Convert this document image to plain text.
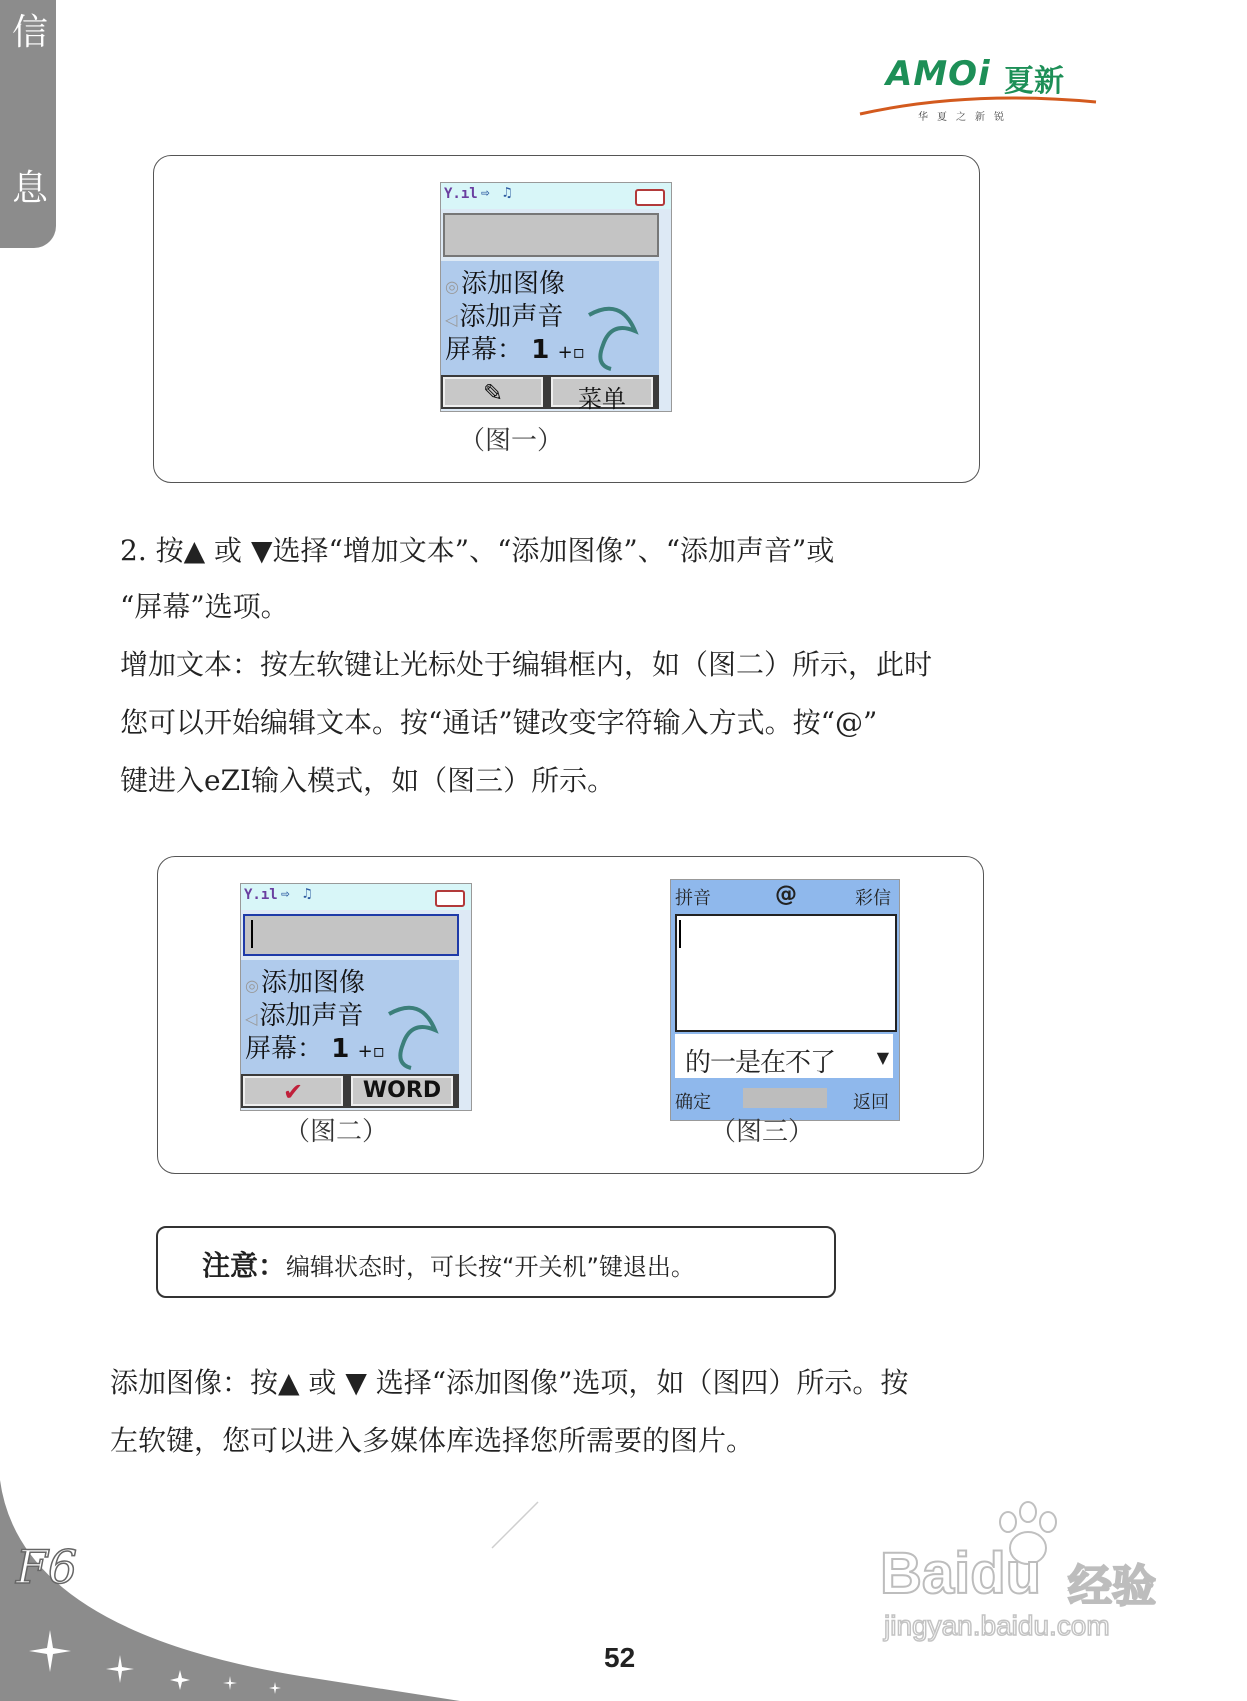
信
息
AMOi 夏新
华夏之新锐
Y.ıl ⇨ ♫
◎添加图像
◁添加声音
屏幕： 1 +▫
✎	菜单
（图一）
2. 按▲ 或 ▼选择“增加文本”、“添加图像”、“添加声音”或
“屏幕”选项。
增加文本：按左软键让光标处于编辑框内，如（图二）所示，此时
您可以开始编辑文本。按“通话”键改变字符输入方式。按“@”
键进入eZI输入模式，如（图三）所示。
Y.ıl ⇨ ♫
◎添加图像
◁添加声音
屏幕： 1 +▫
✔	WORD
（图二）
拼音	@	彩信
的一是在不了	▼
确定	返回
（图三）
注意：编辑状态时，可长按“开关机”键退出。
添加图像：按▲ 或 ▼ 选择“添加图像”选项，如（图四）所示。按
左软键，您可以进入多媒体库选择您所需要的图片。
F6
52
Baidu 经验
jingyan.baidu.com
